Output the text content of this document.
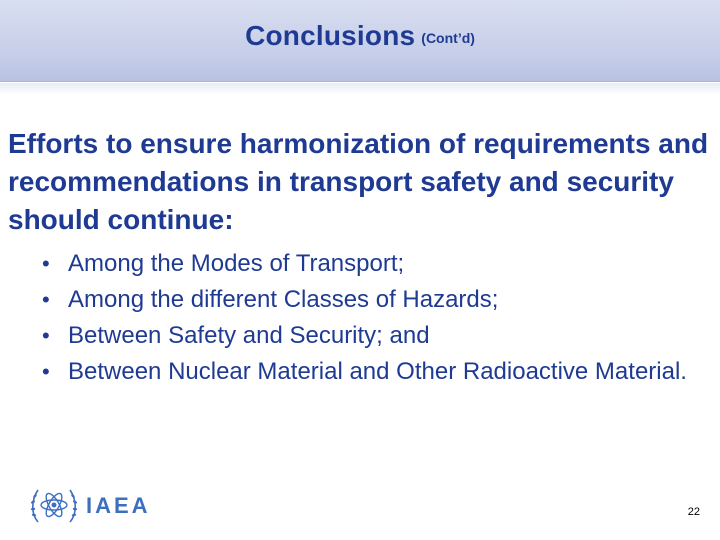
Conclusions (Cont’d)
Efforts to ensure harmonization of requirements and recommendations in transport safety and security should continue:
• Among the Modes of Transport;
• Among the different Classes of Hazards;
• Between Safety and Security; and
• Between Nuclear Material and Other Radioactive Material.
IAEA	22
